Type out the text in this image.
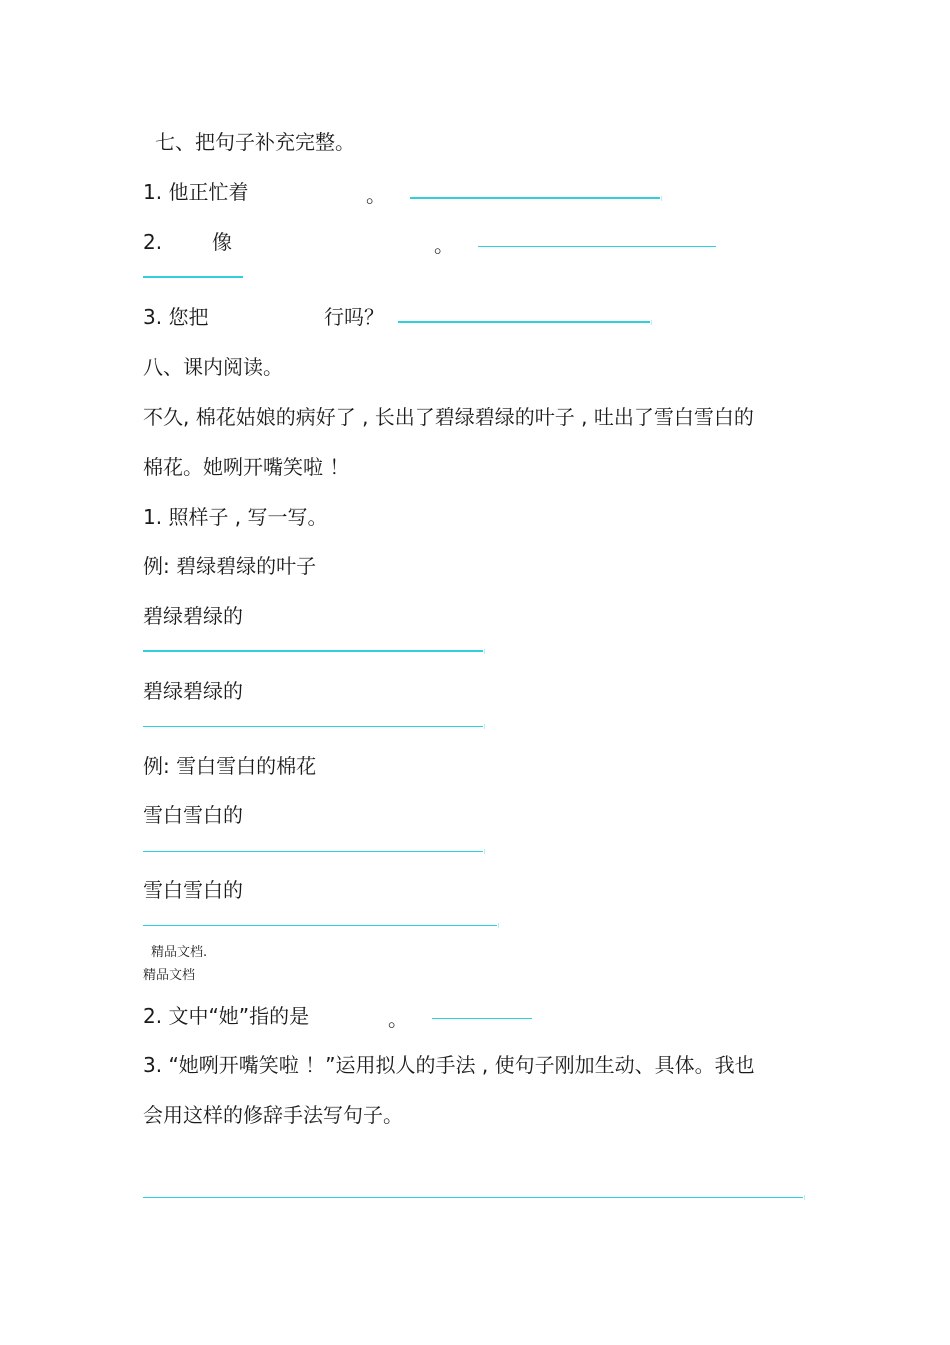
七、把句子补充完整。
1. 他正忙着	。
2. 像	。
3. 您把	行吗？
八、课内阅读。
不久, 棉花姑娘的病好了 , 长出了碧绿碧绿的叶子 , 吐出了雪白雪白的
棉花。她咧开嘴笑啦 ！
1. 照样子 , 写一写。
例: 碧绿碧绿的叶子
碧绿碧绿的
碧绿碧绿的
例: 雪白雪白的棉花
雪白雪白的
雪白雪白的
精品文档.
精品文档
2. 文中“她”指的是	。
3. “她咧开嘴笑啦 ！”运用拟人的手法 , 使句子刚加生动、具体。我也
会用这样的修辞手法写句子。
